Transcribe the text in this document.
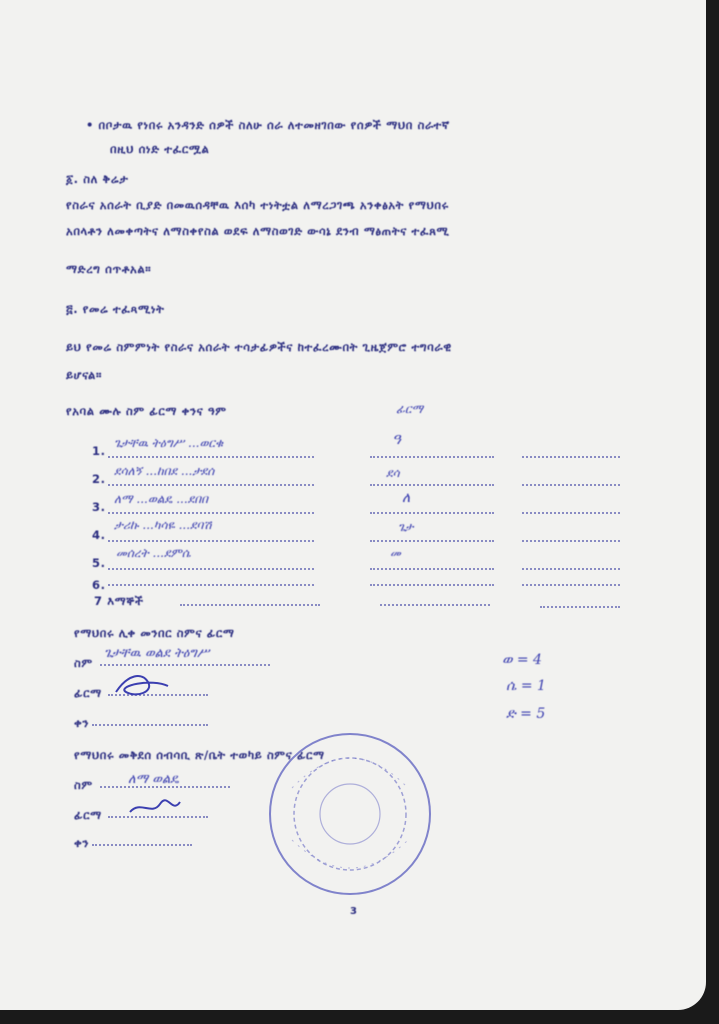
• በቦታዉ የነበሩ አንዳንድ ሰዎች ስለሁ ሰራ ለተመዘገበው የሰዎች ማህበ ስራተኛ
በዚህ ሰነድ ተፈርሟል
፩. ስለ ቅሬታ
የስራና አሰራት ቢያድ በመዉሰዳቸዉ እሰካ ተነትቷል ለማረጋገጫ አንቀፅአት የማህበሩ
አበላቶን ለመቀጣትና ለማስቀየስል ወደፍ ለማስወገድ ውሳኔ ደንብ ማፅጠትና ተፈጸሚ
ማድረግ ሰጥቶአል።
፭. የመሬ ተፈጻሚነት
ይህ የመሬ ስምምነት የስራና አሰራት ተሳታፊዎችና ከተፈረሙበት ጊዜጀምሮ ተግባራዊ
ይሆናል።
የአባል ሙሉ ስም ፊርማ ቀንና ዓም	ፊርማ
1.
ጌታቸዉ ትዕግሥ ...ወርቁ	ዓ
2.
ደሳለኝ ...ከበደ ...ታደሰ	ደሳ
3.
ለማ ...ወልዴ ...ደበበ	ለ
4.
ታሪኩ ...ካሳዬ ...ደባሽ	ጌታ
5.
መሰረት ...ደምሴ	መ
6.
7 እማኞች
የማህበሩ ሊቀ መንበር ስምና ፊርማ
ስም
ጌታቸዉ ወልደ ትዕግሥ
ፊርማ
ቀን
የማህበሩ መቅደሰ ሰብሳቢ ጽ/ቤት ተወካይ ስምና ፊርማ
ስም	ለማ ወልዴ
ፊርማ
ቀን
ወ = 4
ሴ = 1
ድ = 5
3
